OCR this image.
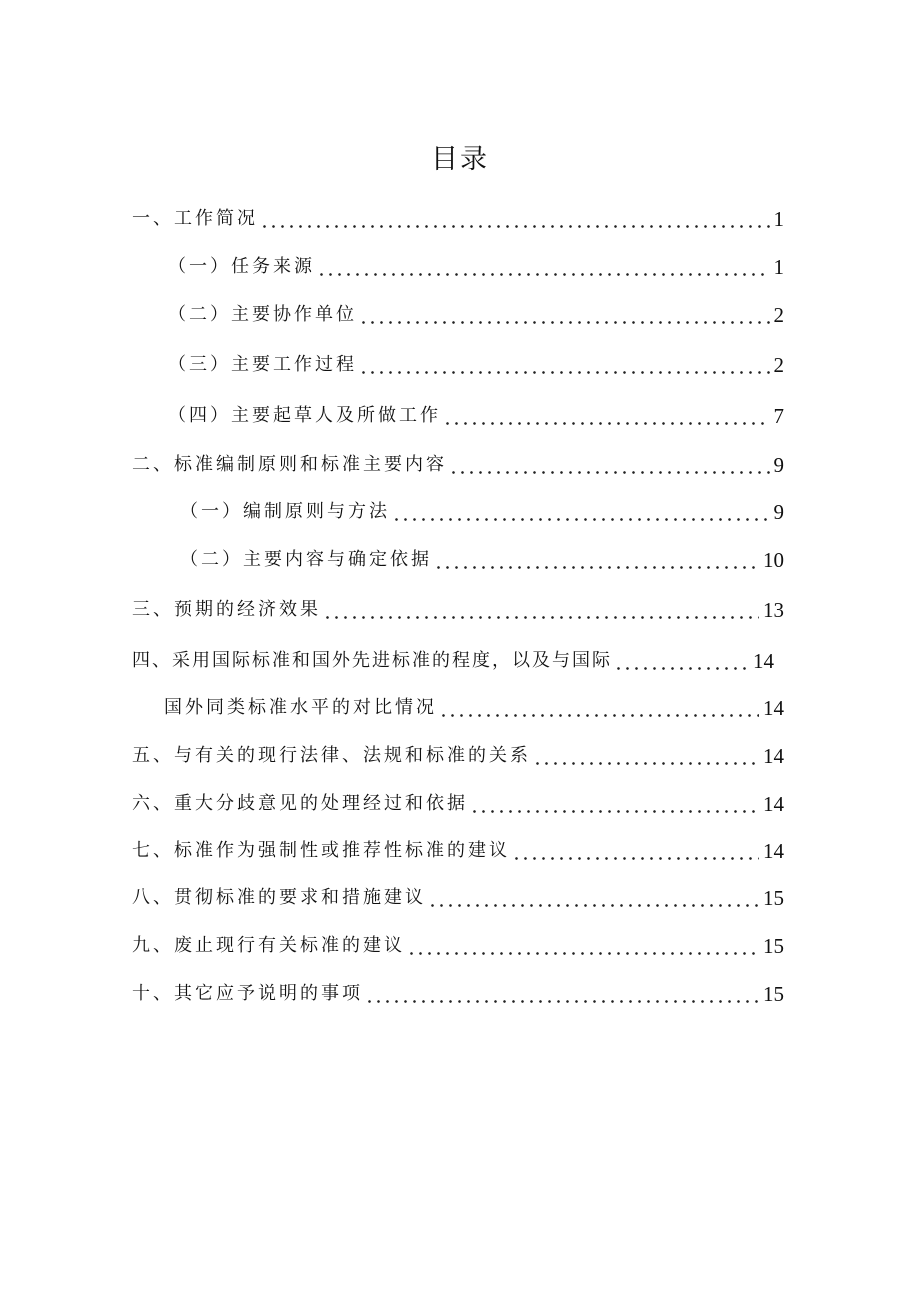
目录
一、工作简况	1
（一）任务来源	1
（二）主要协作单位	2
（三）主要工作过程	2
（四）主要起草人及所做工作	7
二、标准编制原则和标准主要内容	9
（一）编制原则与方法	9
（二）主要内容与确定依据	10
三、预期的经济效果	13
四、采用国际标准和国外先进标准的程度，以及与国际	14
国外同类标准水平的对比情况	14
五、与有关的现行法律、法规和标准的关系	14
六、重大分歧意见的处理经过和依据	14
七、标准作为强制性或推荐性标准的建议	14
八、贯彻标准的要求和措施建议	15
九、废止现行有关标准的建议	15
十、其它应予说明的事项	15
